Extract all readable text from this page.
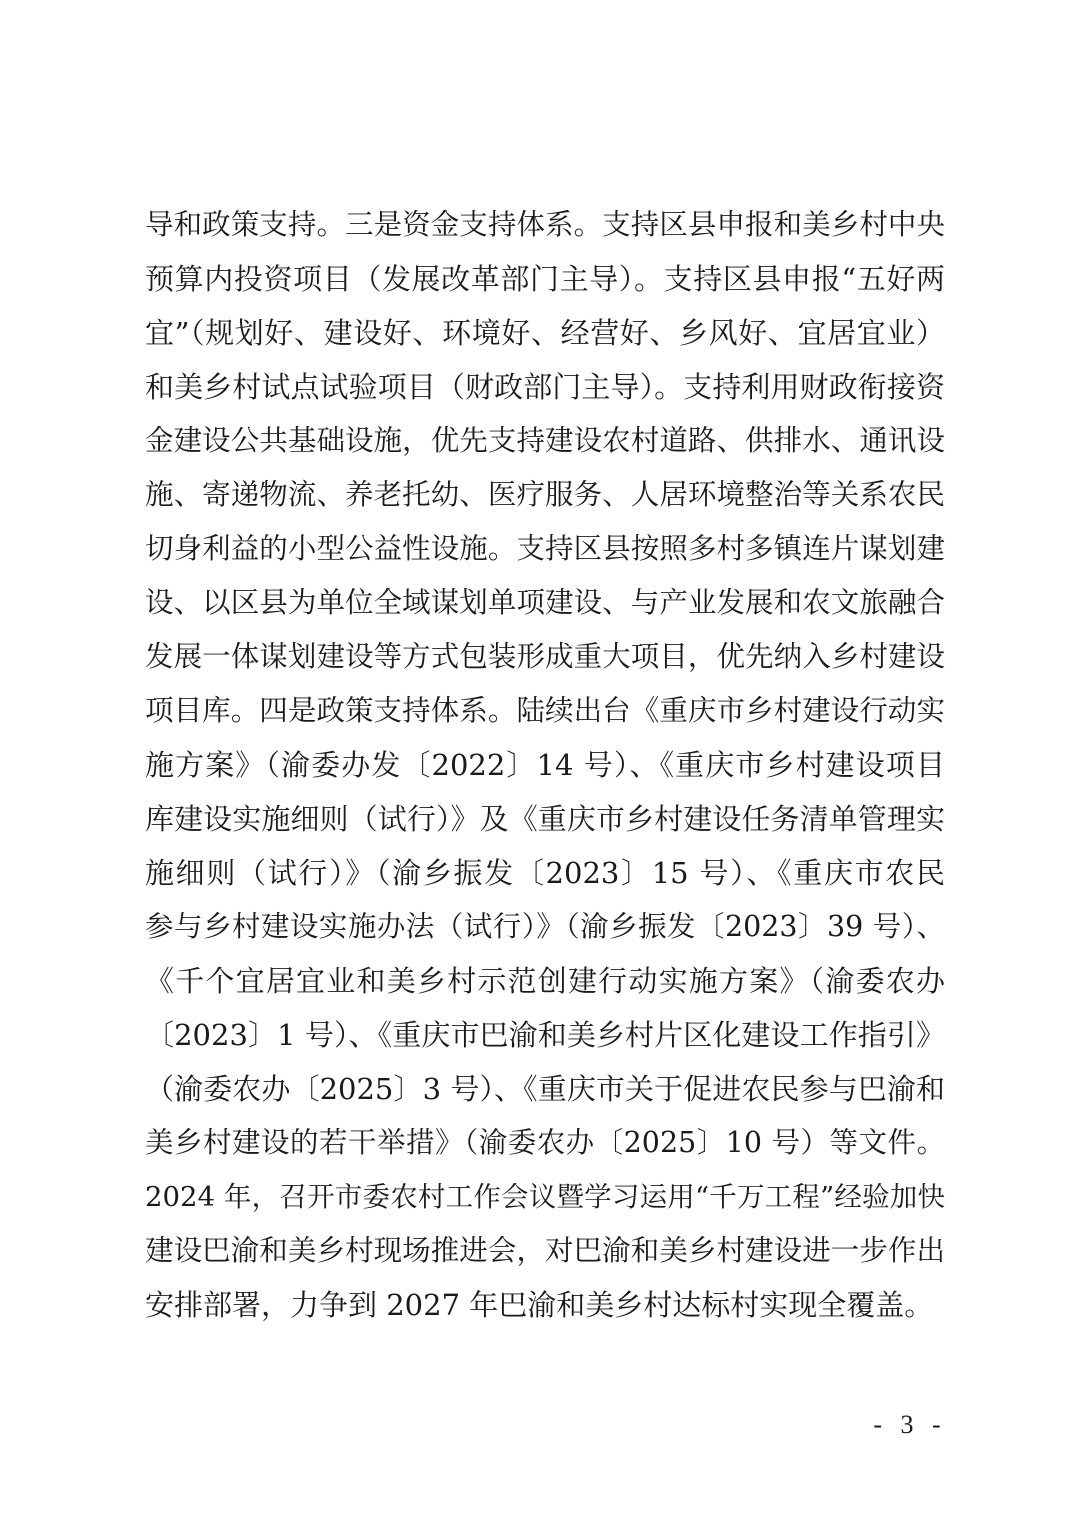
导和政策支持。三是资金支持体系。支持区县申报和美乡村中央
预算内投资项目（发展改革部门主导）。支持区县申报“五好两
宜”（规划好、建设好、环境好、经营好、乡风好、宜居宜业）
和美乡村试点试验项目（财政部门主导）。支持利用财政衔接资
金建设公共基础设施，优先支持建设农村道路、供排水、通讯设
施、寄递物流、养老托幼、医疗服务、人居环境整治等关系农民
切身利益的小型公益性设施。支持区县按照多村多镇连片谋划建
设、以区县为单位全域谋划单项建设、与产业发展和农文旅融合
发展一体谋划建设等方式包装形成重大项目，优先纳入乡村建设
项目库。四是政策支持体系。陆续出台《重庆市乡村建设行动实
施方案》（渝委办发〔2022〕14 号）、《重庆市乡村建设项目
库建设实施细则（试行）》及《重庆市乡村建设任务清单管理实
施细则（试行）》（渝乡振发〔2023〕15 号）、《重庆市农民
参与乡村建设实施办法（试行）》（渝乡振发〔2023〕39 号）、
《千个宜居宜业和美乡村示范创建行动实施方案》（渝委农办
〔2023〕1 号）、《重庆市巴渝和美乡村片区化建设工作指引》
（渝委农办〔2025〕3 号）、《重庆市关于促进农民参与巴渝和
美乡村建设的若干举措》（渝委农办〔2025〕10 号）等文件。
2024 年，召开市委农村工作会议暨学习运用“千万工程”经验加快
建设巴渝和美乡村现场推进会，对巴渝和美乡村建设进一步作出
安排部署，力争到 2027 年巴渝和美乡村达标村实现全覆盖。
- 3 -
